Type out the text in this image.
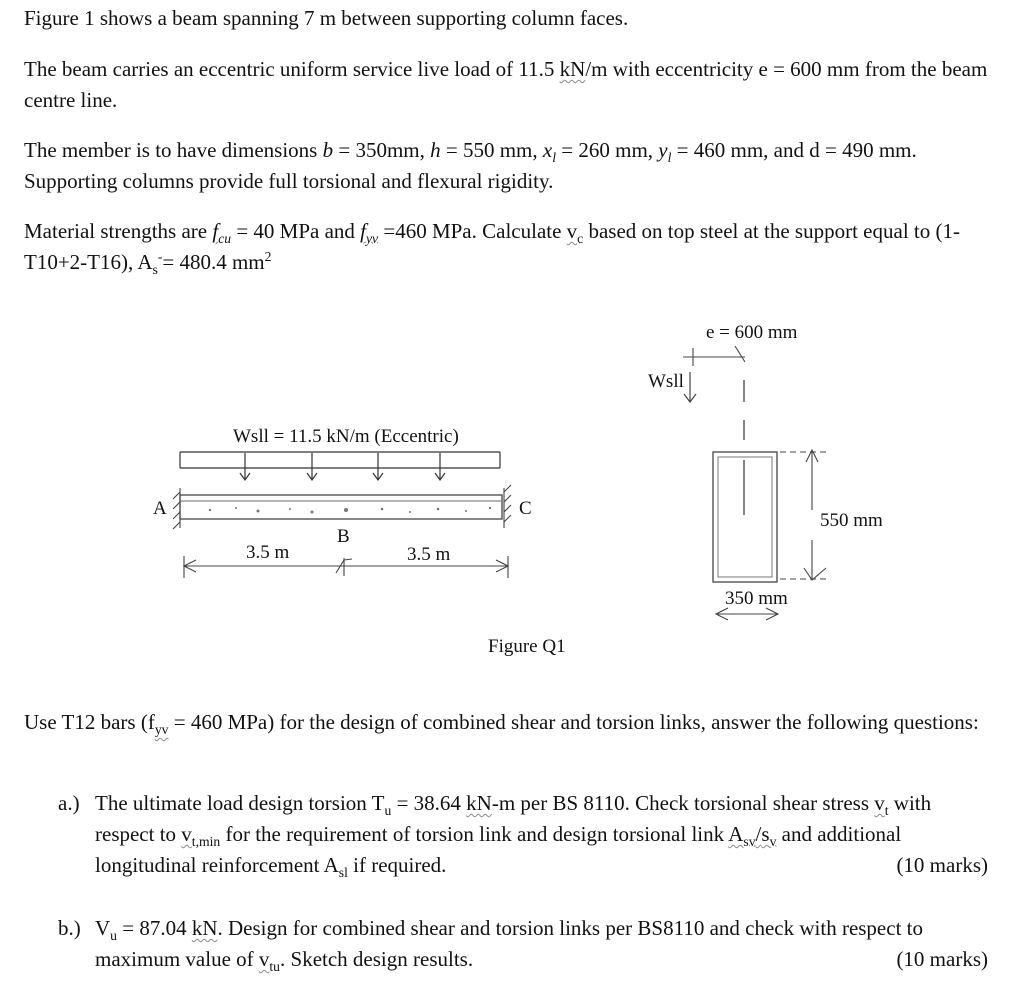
Figure 1 shows a beam spanning 7 m between supporting column faces.

The beam carries an eccentric uniform service live load of 11.5 kN/m with eccentricity e = 600 mm from the beam centre line.

The member is to have dimensions b = 350mm, h = 550 mm, $x_l = 260$ mm, $y_l = 460$ mm, and d = 490 mm. Supporting columns provide full torsional and flexural rigidity.

Material strengths are $f_{cu} = 40$ MPa and $f_{yv} =460$ MPa. Calculate $v_c$ based on top steel at the support equal to (1-T10+2-T16), $A_s^-= 480.4$ $mm^2$

Wsll = 11.5 kN/m (Eccentric)
A	C
B
3.5 m	3.5 m
e = 600 mm
Wsll
550 mm
350 mm
Figure Q1

Use T12 bars ($f_{yv} = 460$ MPa) for the design of combined shear and torsion links, answer the following questions:

a.) The ultimate load design torsion $T_u = 38.64$ kN-m per BS 8110. Check torsional shear stress $v_t$ with respect to $v_{t,min}$ for the requirement of torsion link and design torsional link $A_{sv}/s_v$ and additional longitudinal reinforcement $A_{sl}$ if required.	(10 marks)
b.) $V_u = 87.04$ kN. Design for combined shear and torsion links per BS8110 and check with respect to maximum value of $v_{tu}$. Sketch design results.	(10 marks)
